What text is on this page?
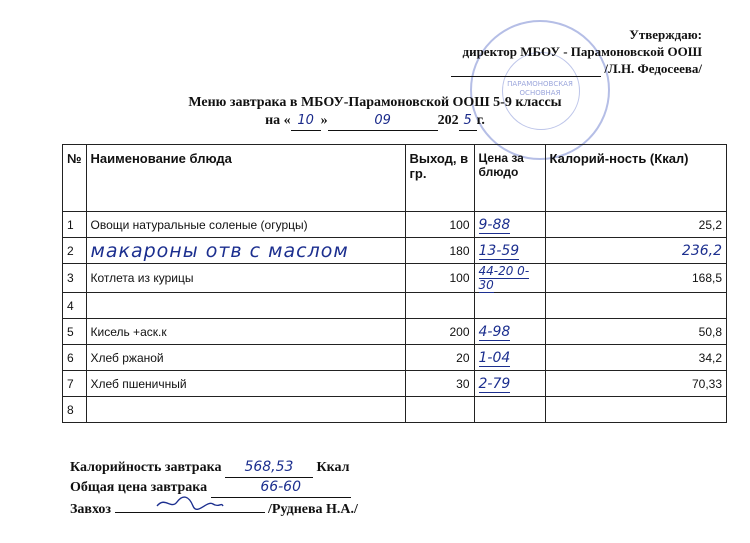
ПАРАМОНОВСКАЯ ОСНОВНАЯ
Утверждаю:
директор МБОУ - Парамоновской ООШ
/Л.Н. Федосеева/
Меню завтрака в МБОУ-Парамоновской ООШ 5-9 классы
на « 10 »	09	202 5 г.
№	Наименование блюда	Выход, в гр.	Цена за блюдо	Калорий-ность (Ккал)
1	Овощи натуральные соленые (огурцы)	100	9-88	25,2
2	макароны отв с маслом	180	13-59	236,2
3	Котлета из курицы	100	44-20 0-30	168,5
4				
5	Кисель +аск.к	200	4-98	50,8
6	Хлеб ржаной	20	1-04	34,2
7	Хлеб пшеничный	30	2-79	70,33
8				
Калорийность завтрака 568,53 Ккал
Общая цена завтрака	66-60
Завхоз	/Руднева Н.А./
